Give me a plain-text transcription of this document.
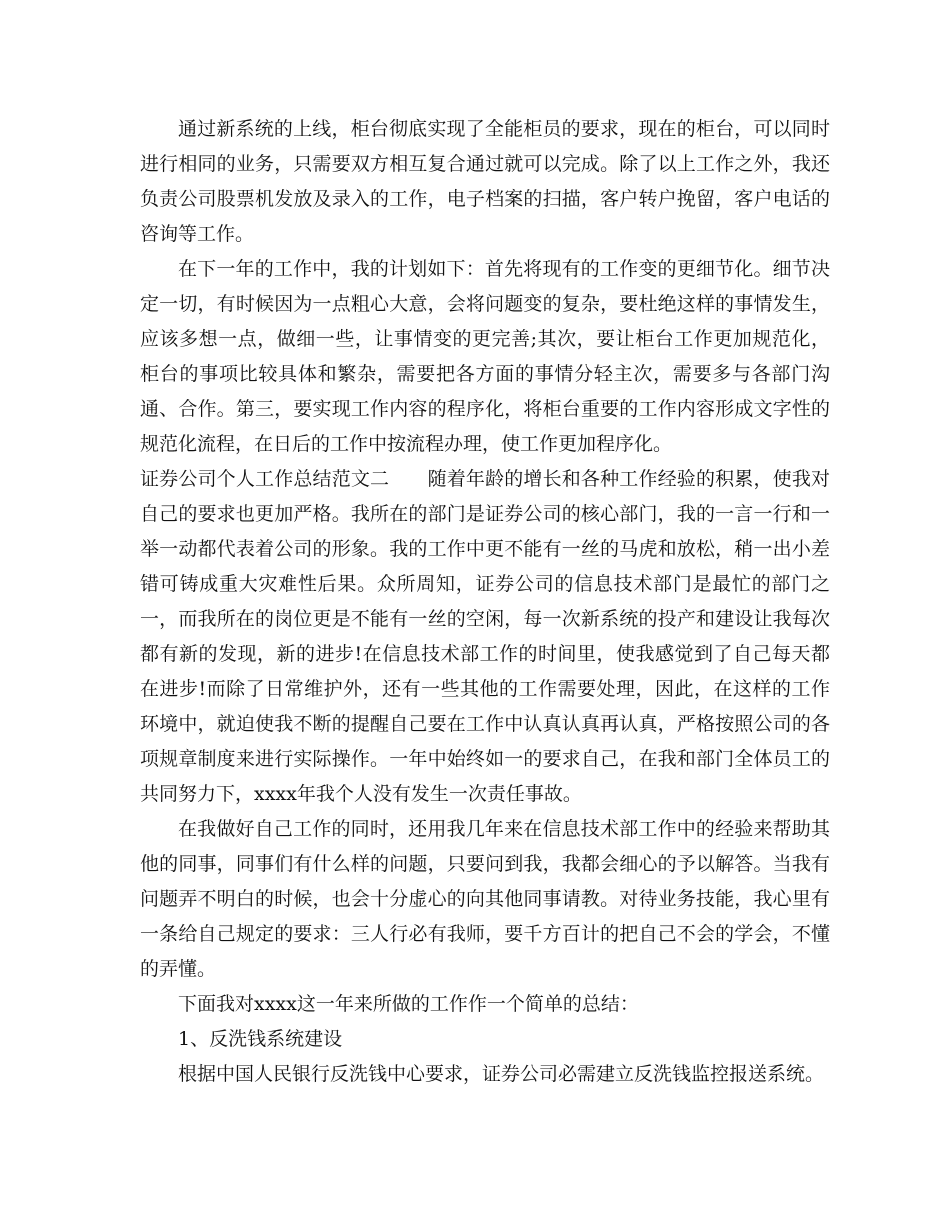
通过新系统的上线，柜台彻底实现了全能柜员的要求，现在的柜台，可以同时进行相同的业务，只需要双方相互复合通过就可以完成。除了以上工作之外，我还负责公司股票机发放及录入的工作，电子档案的扫描，客户转户挽留，客户电话的咨询等工作。

在下一年的工作中，我的计划如下：首先将现有的工作变的更细节化。细节决定一切，有时候因为一点粗心大意，会将问题变的复杂，要杜绝这样的事情发生，应该多想一点，做细一些，让事情变的更完善;其次，要让柜台工作更加规范化，柜台的事项比较具体和繁杂，需要把各方面的事情分轻主次，需要多与各部门沟通、合作。第三，要实现工作内容的程序化，将柜台重要的工作内容形成文字性的规范化流程，在日后的工作中按流程办理，使工作更加程序化。

证券公司个人工作总结范文二　　随着年龄的增长和各种工作经验的积累，使我对自己的要求也更加严格。我所在的部门是证券公司的核心部门，我的一言一行和一举一动都代表着公司的形象。我的工作中更不能有一丝的马虎和放松，稍一出小差错可铸成重大灾难性后果。众所周知，证券公司的信息技术部门是最忙的部门之一，而我所在的岗位更是不能有一丝的空闲，每一次新系统的投产和建设让我每次都有新的发现，新的进步!在信息技术部工作的时间里，使我感觉到了自己每天都在进步!而除了日常维护外，还有一些其他的工作需要处理，因此，在这样的工作环境中，就迫使我不断的提醒自己要在工作中认真认真再认真，严格按照公司的各项规章制度来进行实际操作。一年中始终如一的要求自己，在我和部门全体员工的共同努力下，xxxx年我个人没有发生一次责任事故。

在我做好自己工作的同时，还用我几年来在信息技术部工作中的经验来帮助其他的同事，同事们有什么样的问题，只要问到我，我都会细心的予以解答。当我有问题弄不明白的时候，也会十分虚心的向其他同事请教。对待业务技能，我心里有一条给自己规定的要求：三人行必有我师，要千方百计的把自己不会的学会，不懂的弄懂。

下面我对xxxx这一年来所做的工作作一个简单的总结：

1、反洗钱系统建设

根据中国人民银行反洗钱中心要求，证券公司必需建立反洗钱监控报送系统。
